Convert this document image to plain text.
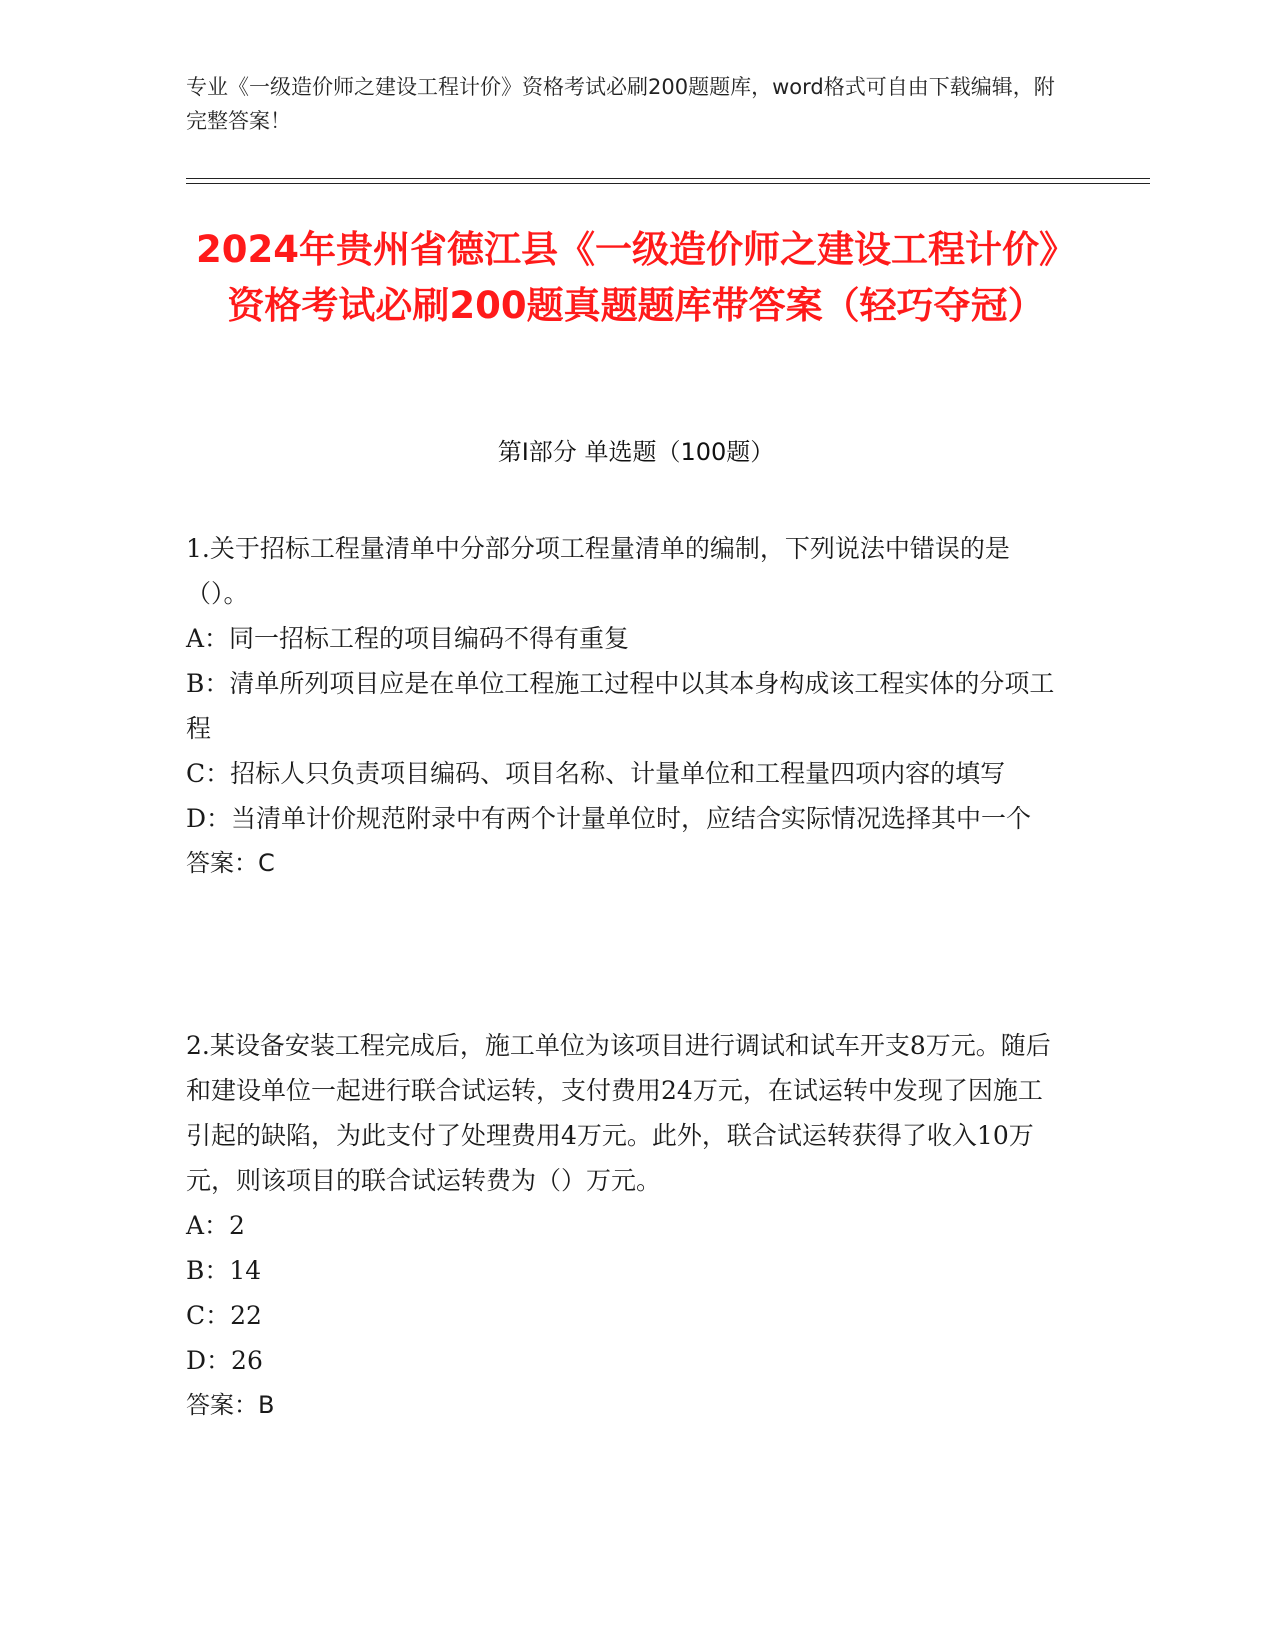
专业《一级造价师之建设工程计价》资格考试必刷200题题库，word格式可自由下载编辑，附完整答案！
2024年贵州省德江县《一级造价师之建设工程计价》资格考试必刷200题真题题库带答案（轻巧夺冠）
第Ⅰ部分 单选题（100题）

1.关于招标工程量清单中分部分项工程量清单的编制，下列说法中错误的是（）。

A：同一招标工程的项目编码不得有重复

B：清单所列项目应是在单位工程施工过程中以其本身构成该工程实体的分项工程

C：招标人只负责项目编码、项目名称、计量单位和工程量四项内容的填写

D：当清单计价规范附录中有两个计量单位时，应结合实际情况选择其中一个

答案：C

2.某设备安装工程完成后，施工单位为该项目进行调试和试车开支8万元。随后和建设单位一起进行联合试运转，支付费用24万元，在试运转中发现了因施工引起的缺陷，为此支付了处理费用4万元。此外，联合试运转获得了收入10万元，则该项目的联合试运转费为（）万元。

A：2

B：14

C：22

D：26

答案：B
